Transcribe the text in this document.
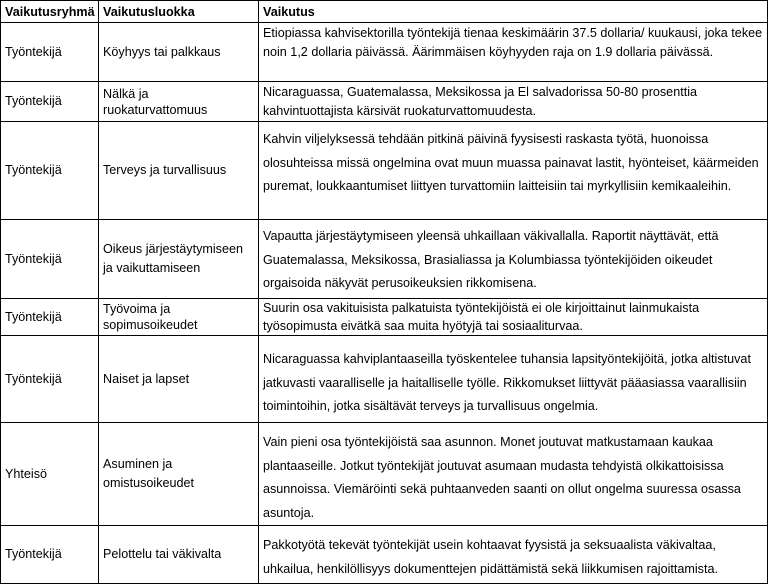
Vaikutusryhmä	Vaikutusluokka	Vaikutus
Työntekijä	Köyhyys tai palkkaus	Etiopiassa kahvisektorilla työntekijä tienaa keskimäärin 37.5 dollaria/ kuukausi, joka tekee noin 1,2 dollaria päivässä. Äärimmäisen köyhyyden raja on 1.9 dollaria päivässä.
Työntekijä	Nälkä ja ruokaturvattomuus	Nicaraguassa, Guatemalassa, Meksikossa ja El salvadorissa 50-80 prosenttia kahvintuottajista kärsivät ruokaturvattomuudesta.
Työntekijä	Terveys ja turvallisuus	Kahvin viljelyksessä tehdään pitkinä päivinä fyysisesti raskasta työtä, huonoissa olosuhteissa missä ongelmina ovat muun muassa painavat lastit, hyönteiset, käärmeiden puremat, loukkaantumiset liittyen turvattomiin laitteisiin tai myrkyllisiin kemikaaleihin.
Työntekijä	Oikeus järjestäytymiseen ja vaikuttamiseen	Vapautta järjestäytymiseen yleensä uhkaillaan väkivallalla. Raportit näyttävät, että Guatemalassa, Meksikossa, Brasialiassa ja Kolumbiassa työntekijöiden oikeudet orgaisoida näkyvät perusoikeuksien rikkomisena.
Työntekijä	Työvoima ja sopimusoikeudet	Suurin osa vakituisista palkatuista työntekijöistä ei ole kirjoittainut lainmukaista työsopimusta eivätkä saa muita hyötyjä tai sosiaaliturvaa.
Työntekijä	Naiset ja lapset	Nicaraguassa kahviplantaaseilla työskentelee tuhansia lapsityöntekijöitä, jotka altistuvat jatkuvasti vaaralliselle ja haitalliselle työlle. Rikkomukset liittyvät pääasiassa vaarallisiin toimintoihin, jotka sisältävät terveys ja turvallisuus ongelmia.
Yhteisö	Asuminen ja omistusoikeudet	Vain pieni osa työntekijöistä saa asunnon. Monet joutuvat matkustamaan kaukaa plantaaseille. Jotkut työntekijät joutuvat asumaan mudasta tehdyistä olkikattoisissa asunnoissa. Viemäröinti sekä puhtaanveden saanti on ollut ongelma suuressa osassa asuntoja.
Työntekijä	Pelottelu tai väkivalta	Pakkotyötä tekevät työntekijät usein kohtaavat fyysistä ja seksuaalista väkivaltaa, uhkailua, henkilöllisyys dokumenttejen pidättämistä sekä liikkumisen rajoittamista.
